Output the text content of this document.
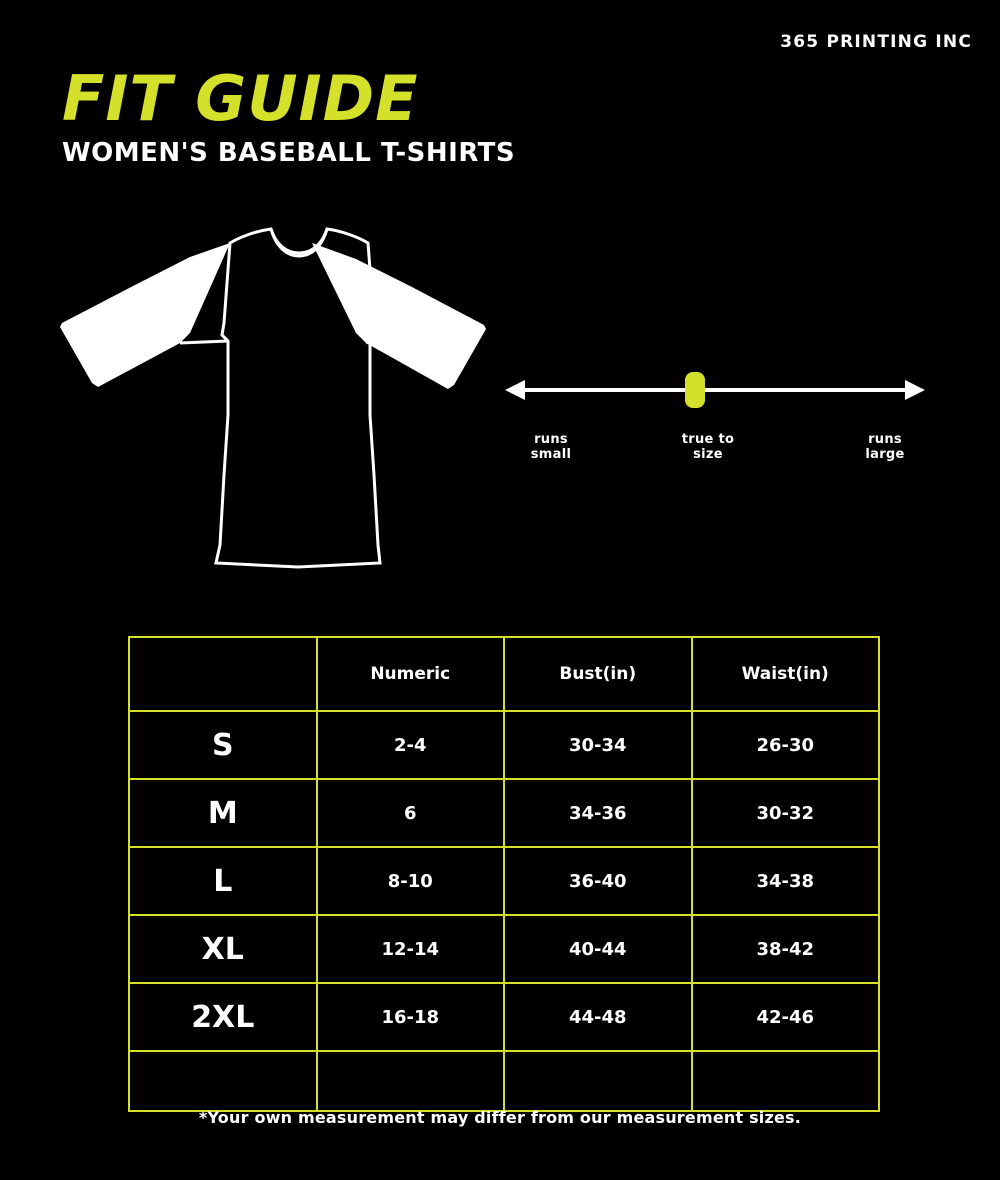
365 PRINTING INC
FIT GUIDE
WOMEN'S BASEBALL T-SHIRTS
runs
small
true to
size
runs
large
	Numeric	Bust(in)	Waist(in)
S	2-4	30-34	26-30
M	6	34-36	30-32
L	8-10	36-40	34-38
XL	12-14	40-44	38-42
2XL	16-18	44-48	42-46

*Your own measurement may differ from our measurement sizes.
